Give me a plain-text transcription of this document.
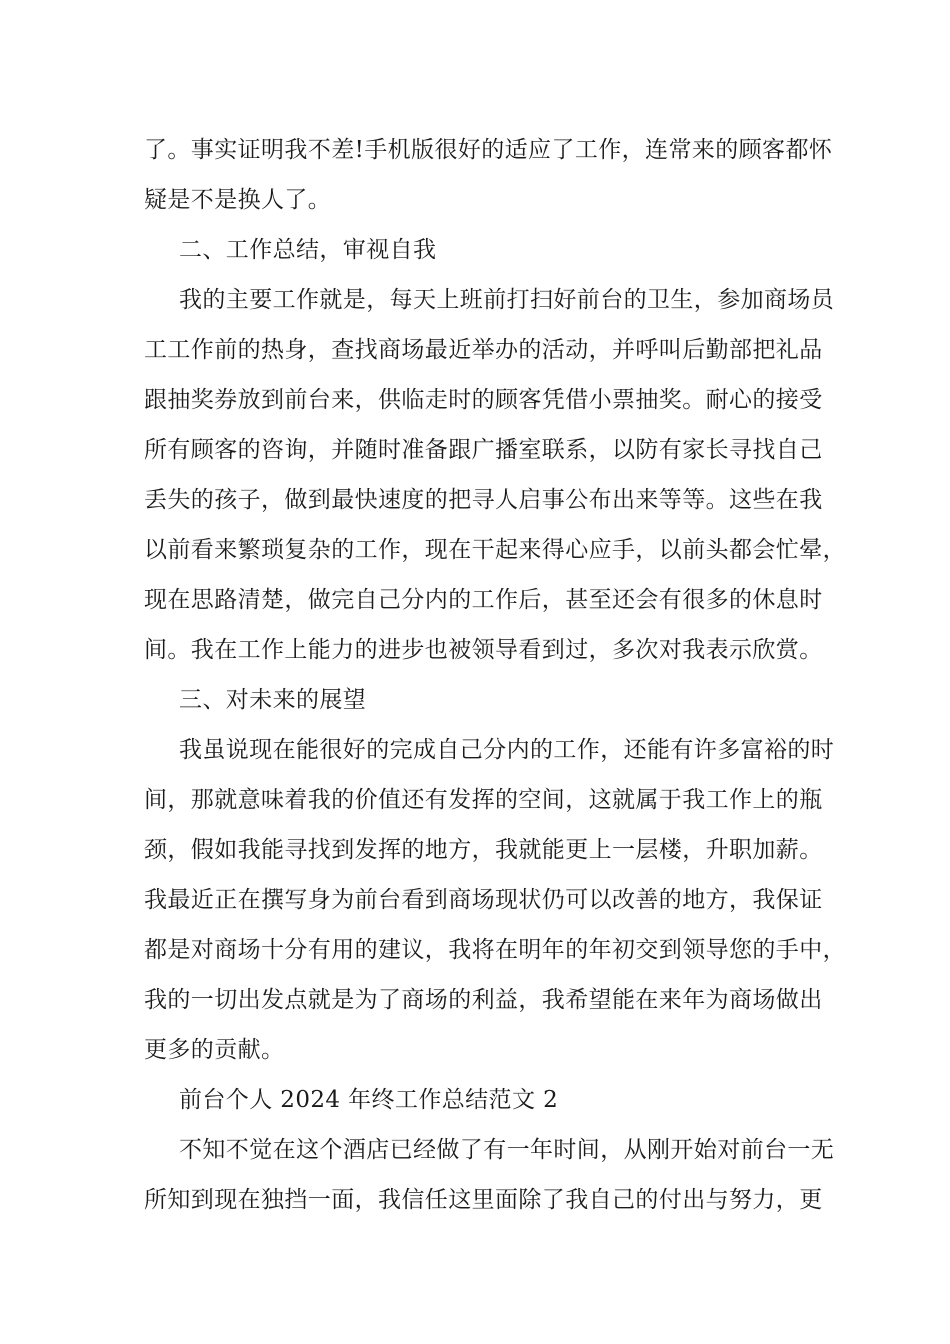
了。事实证明我不差!手机版很好的适应了工作，连常来的顾客都怀
疑是不是换人了。
二、工作总结，审视自我
我的主要工作就是，每天上班前打扫好前台的卫生，参加商场员
工工作前的热身，查找商场最近举办的活动，并呼叫后勤部把礼品
跟抽奖券放到前台来，供临走时的顾客凭借小票抽奖。耐心的接受
所有顾客的咨询，并随时准备跟广播室联系，以防有家长寻找自己
丢失的孩子，做到最快速度的把寻人启事公布出来等等。这些在我
以前看来繁琐复杂的工作，现在干起来得心应手，以前头都会忙晕，
现在思路清楚，做完自己分内的工作后，甚至还会有很多的休息时
间。我在工作上能力的进步也被领导看到过，多次对我表示欣赏。
三、对未来的展望
我虽说现在能很好的完成自己分内的工作，还能有许多富裕的时
间，那就意味着我的价值还有发挥的空间，这就属于我工作上的瓶
颈，假如我能寻找到发挥的地方，我就能更上一层楼，升职加薪。
我最近正在撰写身为前台看到商场现状仍可以改善的地方，我保证
都是对商场十分有用的建议，我将在明年的年初交到领导您的手中，
我的一切出发点就是为了商场的利益，我希望能在来年为商场做出
更多的贡献。
前台个人 2024 年终工作总结范文 2
不知不觉在这个酒店已经做了有一年时间，从刚开始对前台一无
所知到现在独挡一面，我信任这里面除了我自己的付出与努力，更
